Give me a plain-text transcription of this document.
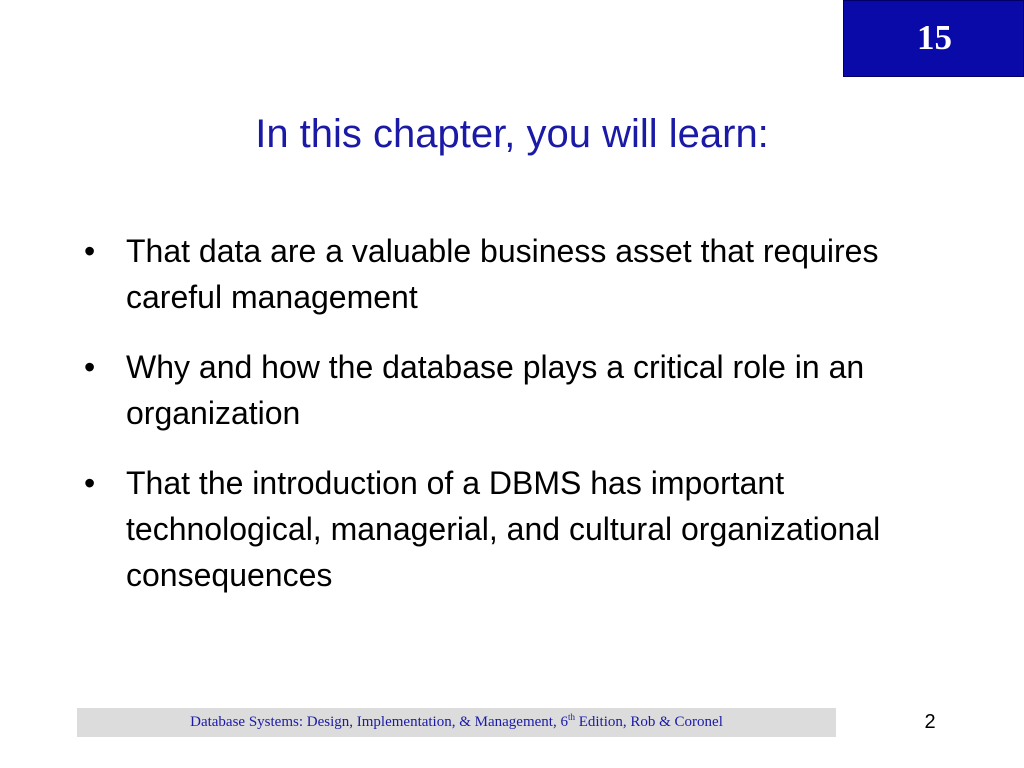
15
In this chapter, you will learn:
• That data are a valuable business asset that requires careful management
• Why and how the database plays a critical role in an organization
• That the introduction of a DBMS has important technological, managerial, and cultural organizational consequences
Database Systems: Design, Implementation, & Management, 6th Edition, Rob & Coronel	2
